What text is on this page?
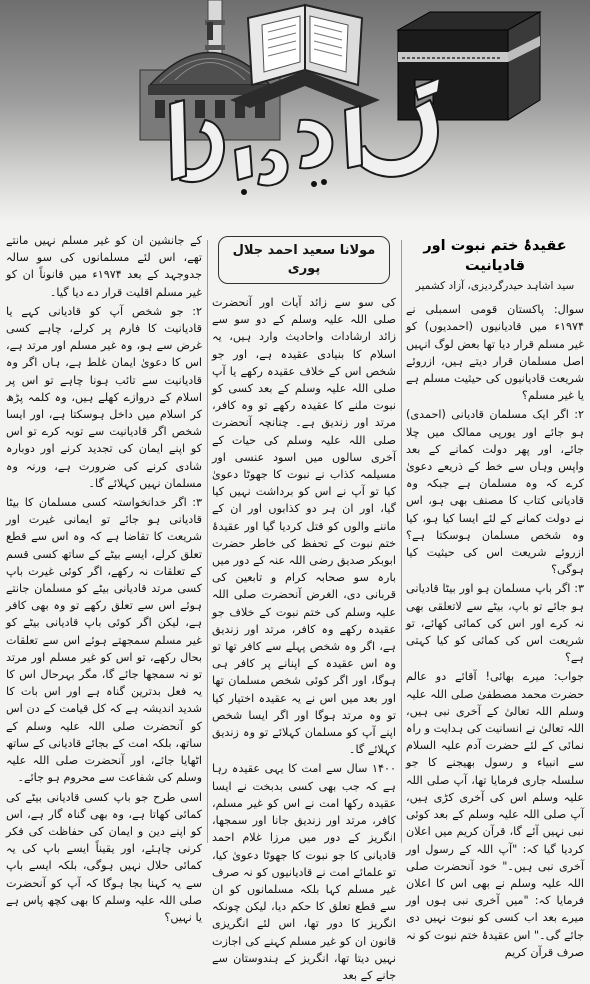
عقیدۂ ختم نبوت اور قادیانیت
سید اشاہد حیدرگردیزی، آزاد کشمیر

سوال: پاکستان قومی اسمبلی نے ۱۹۷۴ء میں قادیانیوں (احمدیوں) کو غیر مسلم قرار دیا تھا بعض لوگ انہیں اصل مسلمان قرار دیتے ہیں، ازروئے شریعت قادیانیوں کی حیثیت مسلم ہے یا غیر مسلم؟

۲: اگر ایک مسلمان قادیانی (احمدی) ہو جائے اور یورپی ممالک میں چلا جائے، اور پھر دولت کمانے کے بعد واپس وہاں سے خط کے ذریعے دعویٰ کرے کہ وہ مسلمان ہے جبکہ وہ قادیانی کتاب کا مصنف بھی ہو، اس نے دولت کمانے کے لئے ایسا کیا ہو، کیا وہ شخص مسلمان ہوسکتا ہے؟ ازروئے شریعت اس کی حیثیت کیا ہوگی؟

۳: اگر باپ مسلمان ہو اور بیٹا قادیانی ہو جائے تو باپ، بیٹے سے لاتعلقی بھی نہ کرے اور اس کی کمائی کھائے، تو شریعت اس کی کمائی کو کیا کہتی ہے؟

جواب: میرے بھائی! آقائے دو عالم حضرت محمد مصطفیٰ صلی اللہ علیہ وسلم اللہ تعالیٰ کے آخری نبی ہیں، اللہ تعالیٰ نے انسانیت کی ہدایت و راہ نمائی کے لئے حضرت آدم علیہ السلام سے انبیاء و رسول بھیجنے کا جو سلسلہ جاری فرمایا تھا، آپ صلی اللہ علیہ وسلم اس کی آخری کڑی ہیں، آپ صلی اللہ علیہ وسلم کے بعد کوئی نبی نہیں آئے گا، قرآن کریم میں اعلان کردیا گیا کہ: "آپ اللہ کے رسول اور آخری نبی ہیں۔" خود آنحضرت صلی اللہ علیہ وسلم نے بھی اس کا اعلان فرمایا کہ: "میں آخری نبی ہوں اور میرے بعد اب کسی کو نبوت نہیں دی جائے گی۔" اس عقیدۂ ختم نبوت کو نہ صرف قرآن کریم

مولانا سعید احمد جلال پوری

کی سو سے زائد آیات اور آنحضرت صلی اللہ علیہ وسلم کے دو سو سے زائد ارشادات واحادیث وارد ہیں، یہ اسلام کا بنیادی عقیدہ ہے، اور جو شخص اس کے خلاف عقیدہ رکھے یا آپ صلی اللہ علیہ وسلم کے بعد کسی کو نبوت ملنے کا عقیدہ رکھے تو وہ کافر، مرتد اور زندیق ہے۔ چنانچہ آنحضرت صلی اللہ علیہ وسلم کی حیات کے آخری سالوں میں اسود عنسی اور مسیلمہ کذاب نے نبوت کا جھوٹا دعویٰ کیا تو آپ نے اس کو برداشت نہیں کیا گیا، اور ان ہر دو کذابوں اور ان کے ماننے والوں کو قتل کردیا گیا اور عقیدۂ ختم نبوت کے تحفظ کی خاطر حضرت ابوبکر صدیق رضی اللہ عنہ کے دور میں بارہ سو صحابہ کرام و تابعین کی قربانی دی، الغرض آنحضرت صلی اللہ علیہ وسلم کی ختم نبوت کے خلاف جو عقیدہ رکھے وہ کافر، مرتد اور زندیق ہے، اگر وہ شخص پہلے سے کافر تھا تو وہ اس عقیدہ کے اپنانے پر کافر ہی ہوگا، اور اگر کوئی شخص مسلمان تھا اور بعد میں اس نے یہ عقیدہ اختیار کیا تو وہ مرتد ہوگا اور اگر ایسا شخص اپنے آپ کو مسلمان کہلائے تو وہ زندیق کہلائے گا۔

۱۴۰۰ سال سے امت کا یہی عقیدہ رہا ہے کہ جب بھی کسی بدبخت نے ایسا عقیدہ رکھا امت نے اس کو غیر مسلم، کافر، مرتد اور زندیق جانا اور سمجھا، انگریز کے دور میں مرزا غلام احمد قادیانی کا جو نبوت کا جھوٹا دعویٰ کیا، تو علمائے امت نے قادیانیوں کو نہ صرف غیر مسلم کہا بلکہ مسلمانوں کو ان سے قطع تعلق کا حکم دیا، لیکن چونکہ انگریز کا دور تھا، اس لئے انگریزی قانون ان کو غیر مسلم کہنے کی اجازت نہیں دیتا تھا، انگریز کے ہندوستان سے جانے کے بعد

کے جانشین ان کو غیر مسلم نہیں مانتے تھے، اس لئے مسلمانوں کی سو سالہ جدوجہد کے بعد ۱۹۷۴ء میں قانوناً ان کو غیر مسلم اقلیت قرار دے دیا گیا۔

۲: جو شخص آپ کو قادیانی کہے یا قادیانیت کا فارم پر کرلے، چاہے کسی غرض سے ہو، وہ غیر مسلم اور مرتد ہے، اس کا دعویٰ ایمان غلط ہے، ہاں اگر وہ قادیانیت سے تائب ہونا چاہے تو اس پر اسلام کے دروازے کھلے ہیں، وہ کلمہ پڑھ کر اسلام میں داخل ہوسکتا ہے، اور ایسا شخص اگر قادیانیت سے توبہ کرے تو اس کو اپنے ایمان کی تجدید کرنے اور دوبارہ شادی کرنے کی ضرورت ہے، ورنہ وہ مسلمان نہیں کہلائے گا۔

۳: اگر خدانخواستہ کسی مسلمان کا بیٹا قادیانی ہو جائے تو ایمانی غیرت اور شریعت کا تقاضا ہے کہ وہ اس سے قطع تعلق کرلے، ایسے بیٹے کے ساتھ کسی قسم کے تعلقات نہ رکھے، اگر کوئی غیرت باپ کسی مرتد قادیانی بیٹے کو مسلمان جانتے ہوئے اس سے تعلق رکھے تو وہ بھی کافر ہے، لیکن اگر کوئی باپ قادیانی بیٹے کو غیر مسلم سمجھتے ہوئے اس سے تعلقات بحال رکھے، تو اس کو غیر مسلم اور مرتد تو نہ سمجھا جائے گا، مگر بہرحال اس کا یہ فعل بدترین گناہ ہے اور اس بات کا شدید اندیشہ ہے کہ کل قیامت کے دن اس کو آنحضرت صلی اللہ علیہ وسلم کے ساتھ، بلکہ امت کے بجائے قادیانی کے ساتھ اٹھایا جائے، اور آنحضرت صلی اللہ علیہ وسلم کی شفاعت سے محروم ہو جائے۔

اسی طرح جو باپ کسی قادیانی بیٹے کی کمائی کھاتا ہے، وہ بھی گناہ گار ہے، اس کو اپنے دین و ایمان کی حفاظت کی فکر کرنی چاہئے، اور یقیناً ایسے باپ کی یہ کمائی حلال نہیں ہوگی، بلکہ ایسے باپ سے یہ کہنا بجا ہوگا کہ آپ کو آنحضرت صلی اللہ علیہ وسلم کا بھی کچھ پاس ہے یا نہیں؟
